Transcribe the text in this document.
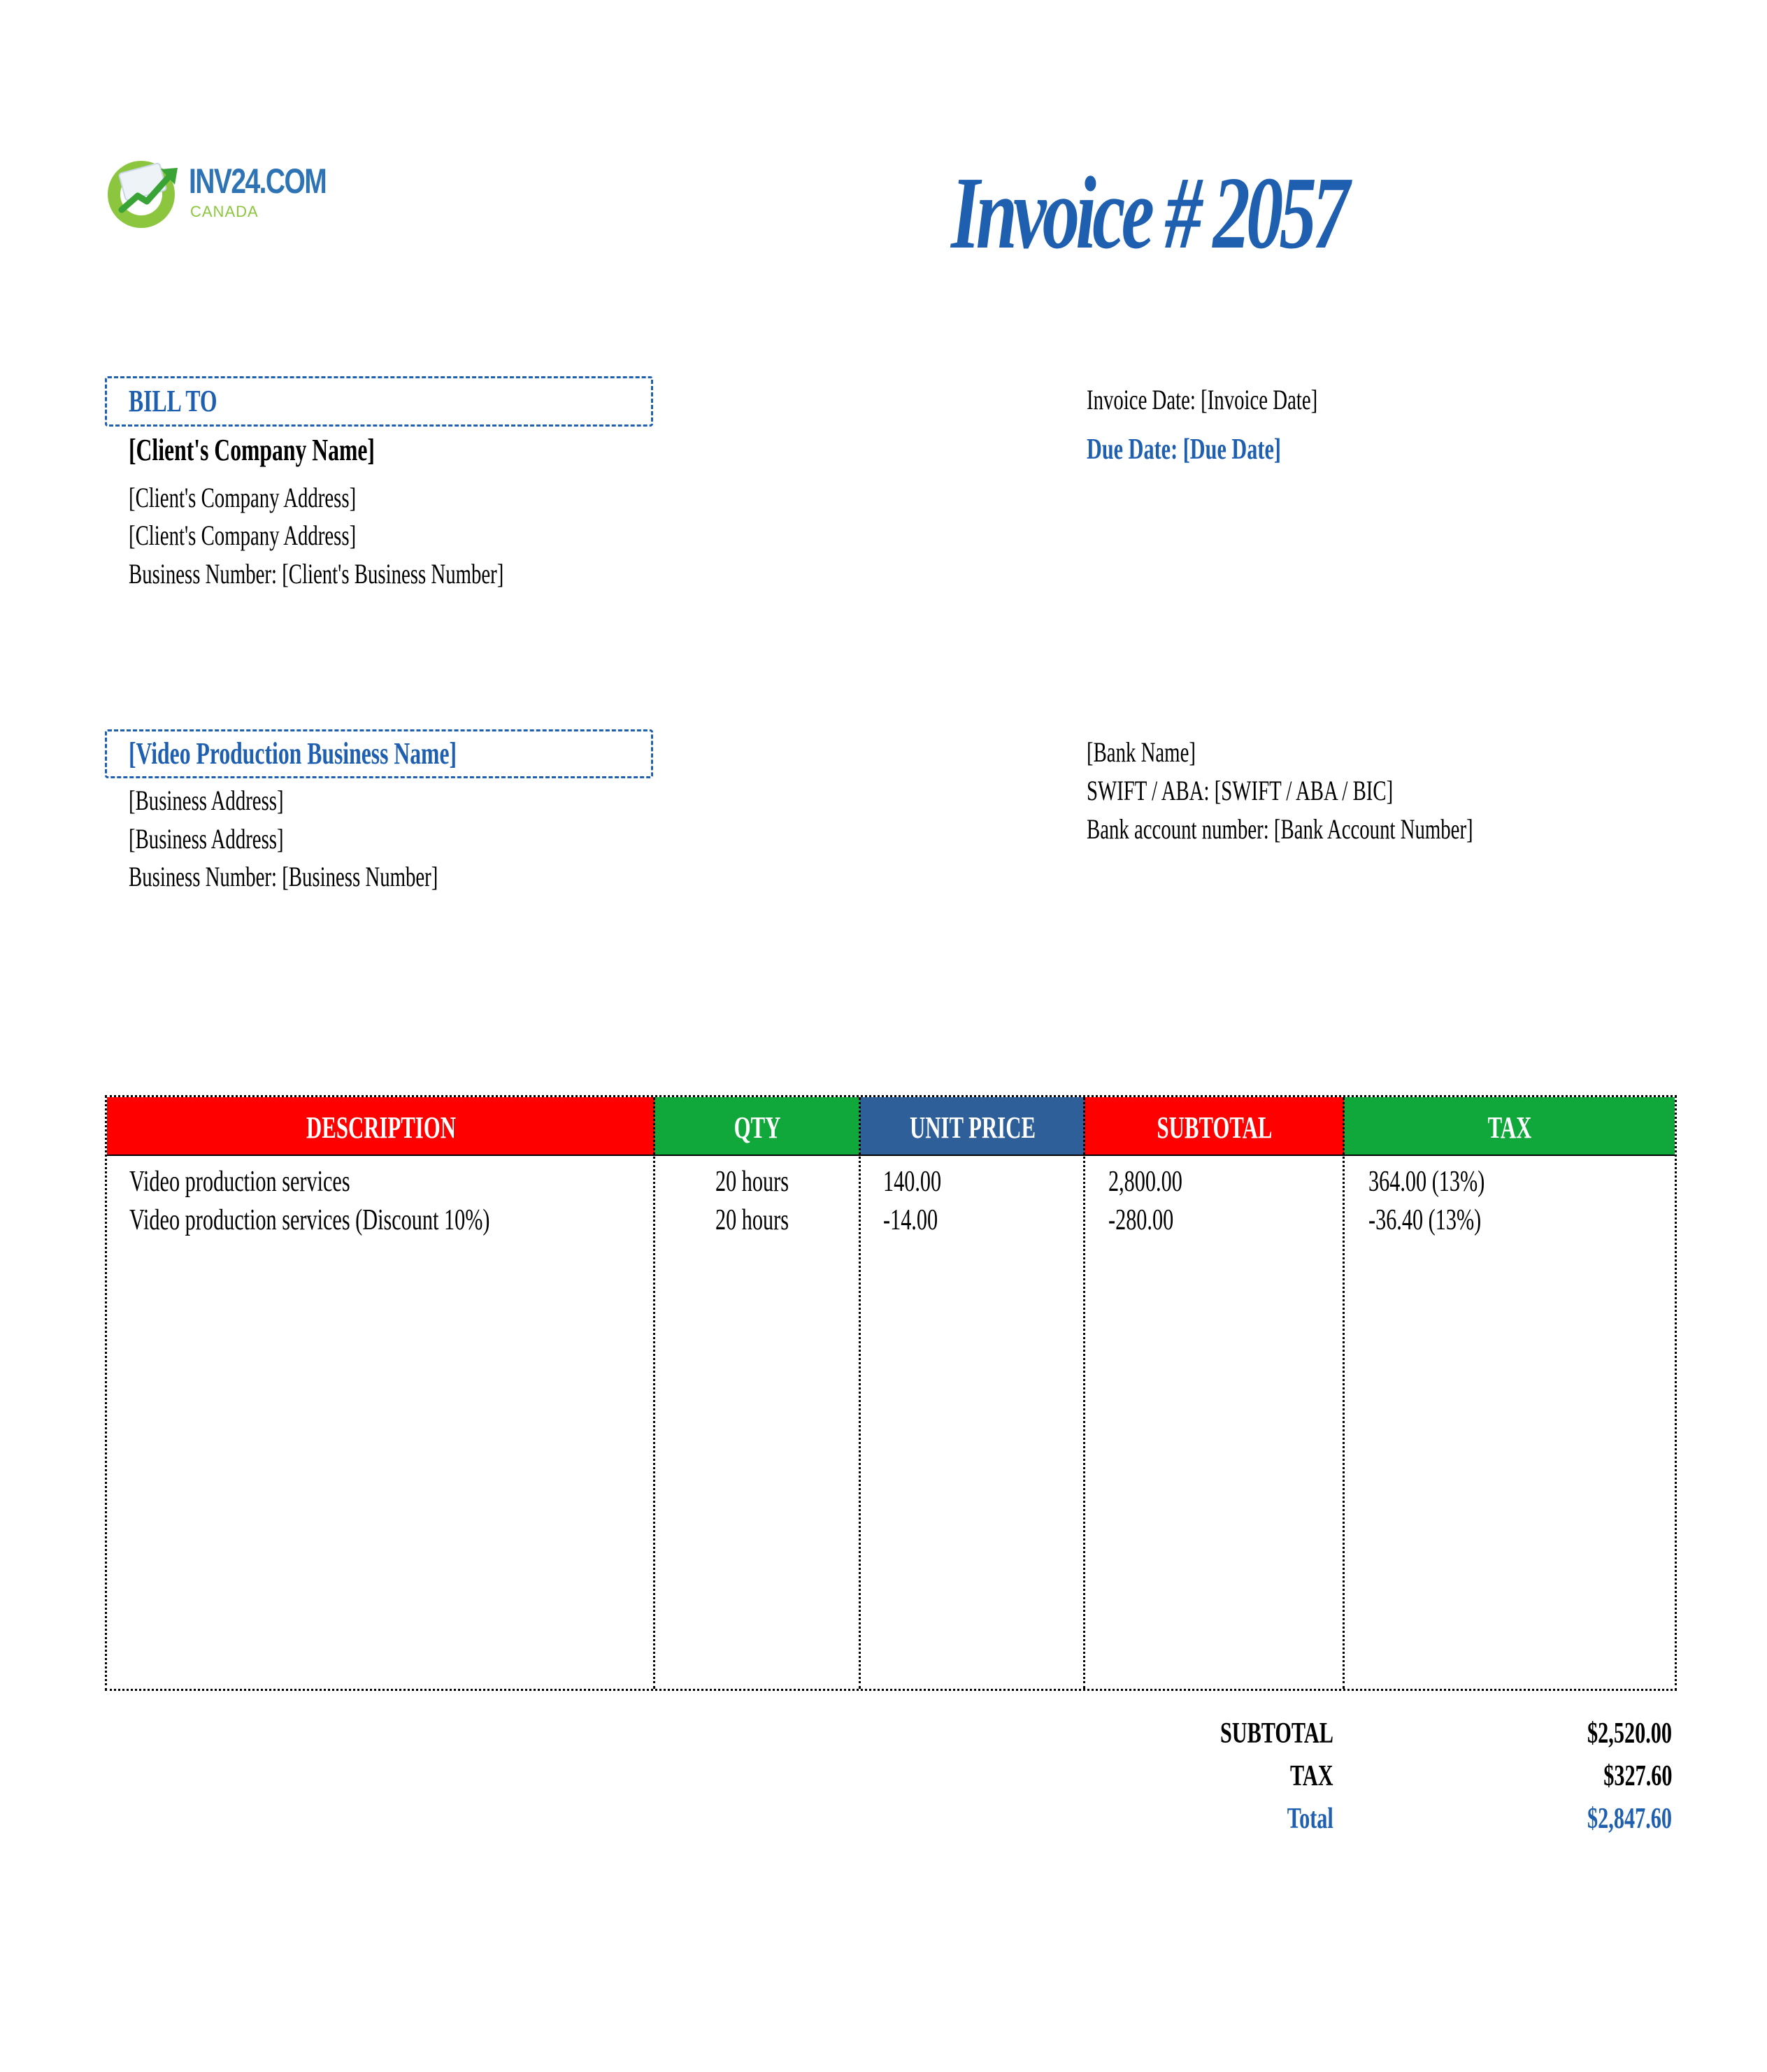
INV24.COM
CANADA	Invoice # 2057
BILL TO
[Client's Company Name]
[Client's Company Address]
[Client's Company Address]
Business Number: [Client's Business Number]
Invoice Date: [Invoice Date]
Due Date: [Due Date]
[Video Production Business Name]
[Business Address]
[Business Address]
Business Number: [Business Number]
[Bank Name]
SWIFT / ABA: [SWIFT / ABA / BIC]
Bank account number: [Bank Account Number]
DESCRIPTION	QTY	UNIT PRICE	SUBTOTAL	TAX
Video production services	20 hours	140.00	2,800.00	364.00 (13%)
Video production services (Discount 10%)	20 hours	-14.00	-280.00	-36.40 (13%)
SUBTOTAL	$2,520.00
TAX	$327.60
Total	$2,847.60
